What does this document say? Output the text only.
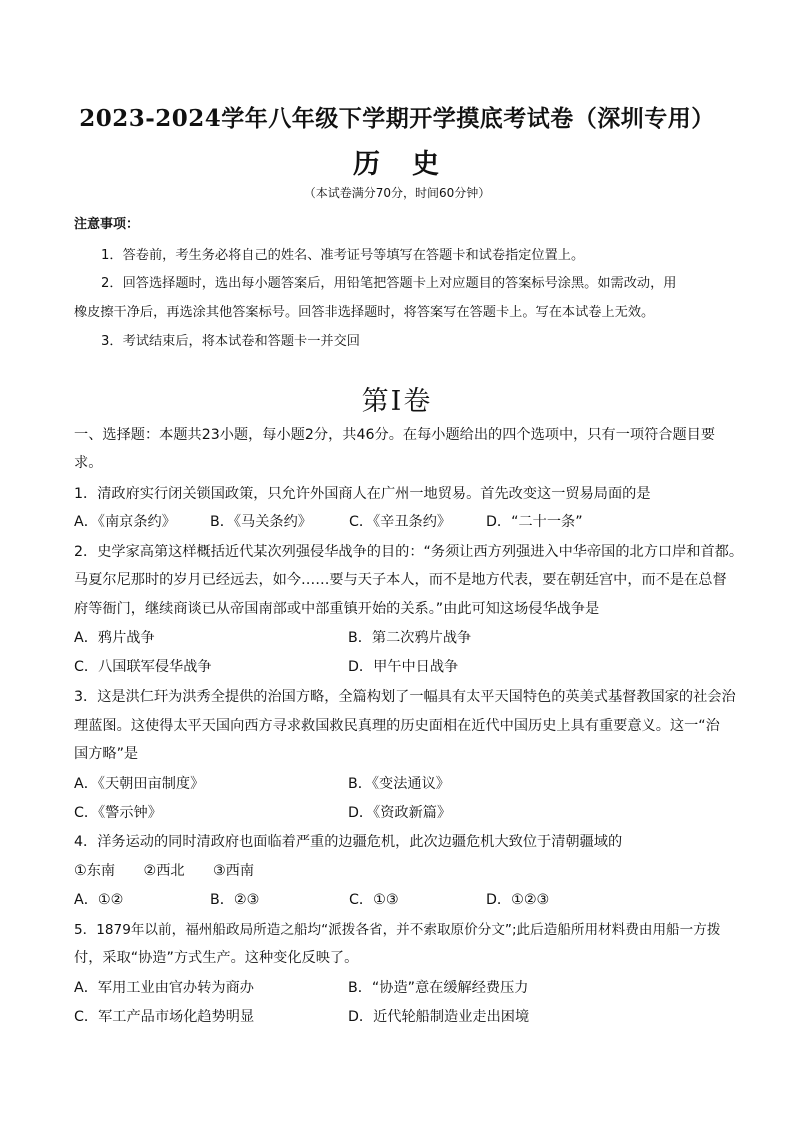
2023-2024学年八年级下学期开学摸底考试卷（深圳专用）
历 史
（本试卷满分70分，时间60分钟）
注意事项：
1．答卷前，考生务必将自己的姓名、准考证号等填写在答题卡和试卷指定位置上。
2．回答选择题时，选出每小题答案后，用铅笔把答题卡上对应题目的答案标号涂黑。如需改动，用
橡皮擦干净后，再选涂其他答案标号。回答非选择题时，将答案写在答题卡上。写在本试卷上无效。
3．考试结束后，将本试卷和答题卡一并交回
第Ⅰ卷
一、选择题：本题共23小题，每小题2分，共46分。在每小题给出的四个选项中，只有一项符合题目要
求。
1．清政府实行闭关锁国政策，只允许外国商人在广州一地贸易。首先改变这一贸易局面的是
A．《南京条约》 B．《马关条约》	C．《辛丑条约》 D．“二十一条”
2．史学家高第这样概括近代某次列强侵华战争的目的：“务须让西方列强进入中华帝国的北方口岸和首都。
马夏尔尼那时的岁月已经远去，如今……要与天子本人，而不是地方代表，要在朝廷宫中，而不是在总督
府等衙门，继续商谈已从帝国南部或中部重镇开始的关系。”由此可知这场侵华战争是
A．鸦片战争	B．第二次鸦片战争
C．八国联军侵华战争	D．甲午中日战争
3．这是洪仁玕为洪秀全提供的治国方略，全篇构划了一幅具有太平天国特色的英美式基督教国家的社会治
理蓝图。这使得太平天国向西方寻求救国救民真理的历史面相在近代中国历史上具有重要意义。这一“治
国方略”是
A．《天朝田亩制度》	B．《变法通议》
C．《警示钟》	D．《资政新篇》
4．洋务运动的同时清政府也面临着严重的边疆危机，此次边疆危机大致位于清朝疆域的
①东南　　②西北　　③西南
A．①②	B．②③	C．①③	D．①②③
5．1879年以前，福州船政局所造之船均“派拨各省，并不索取原价分文”;此后造船所用材料费由用船一方拨
付，采取“协造”方式生产。这种变化反映了。
A．军用工业由官办转为商办	B．“协造”意在缓解经费压力
C．军工产品市场化趋势明显	D．近代轮船制造业走出困境
